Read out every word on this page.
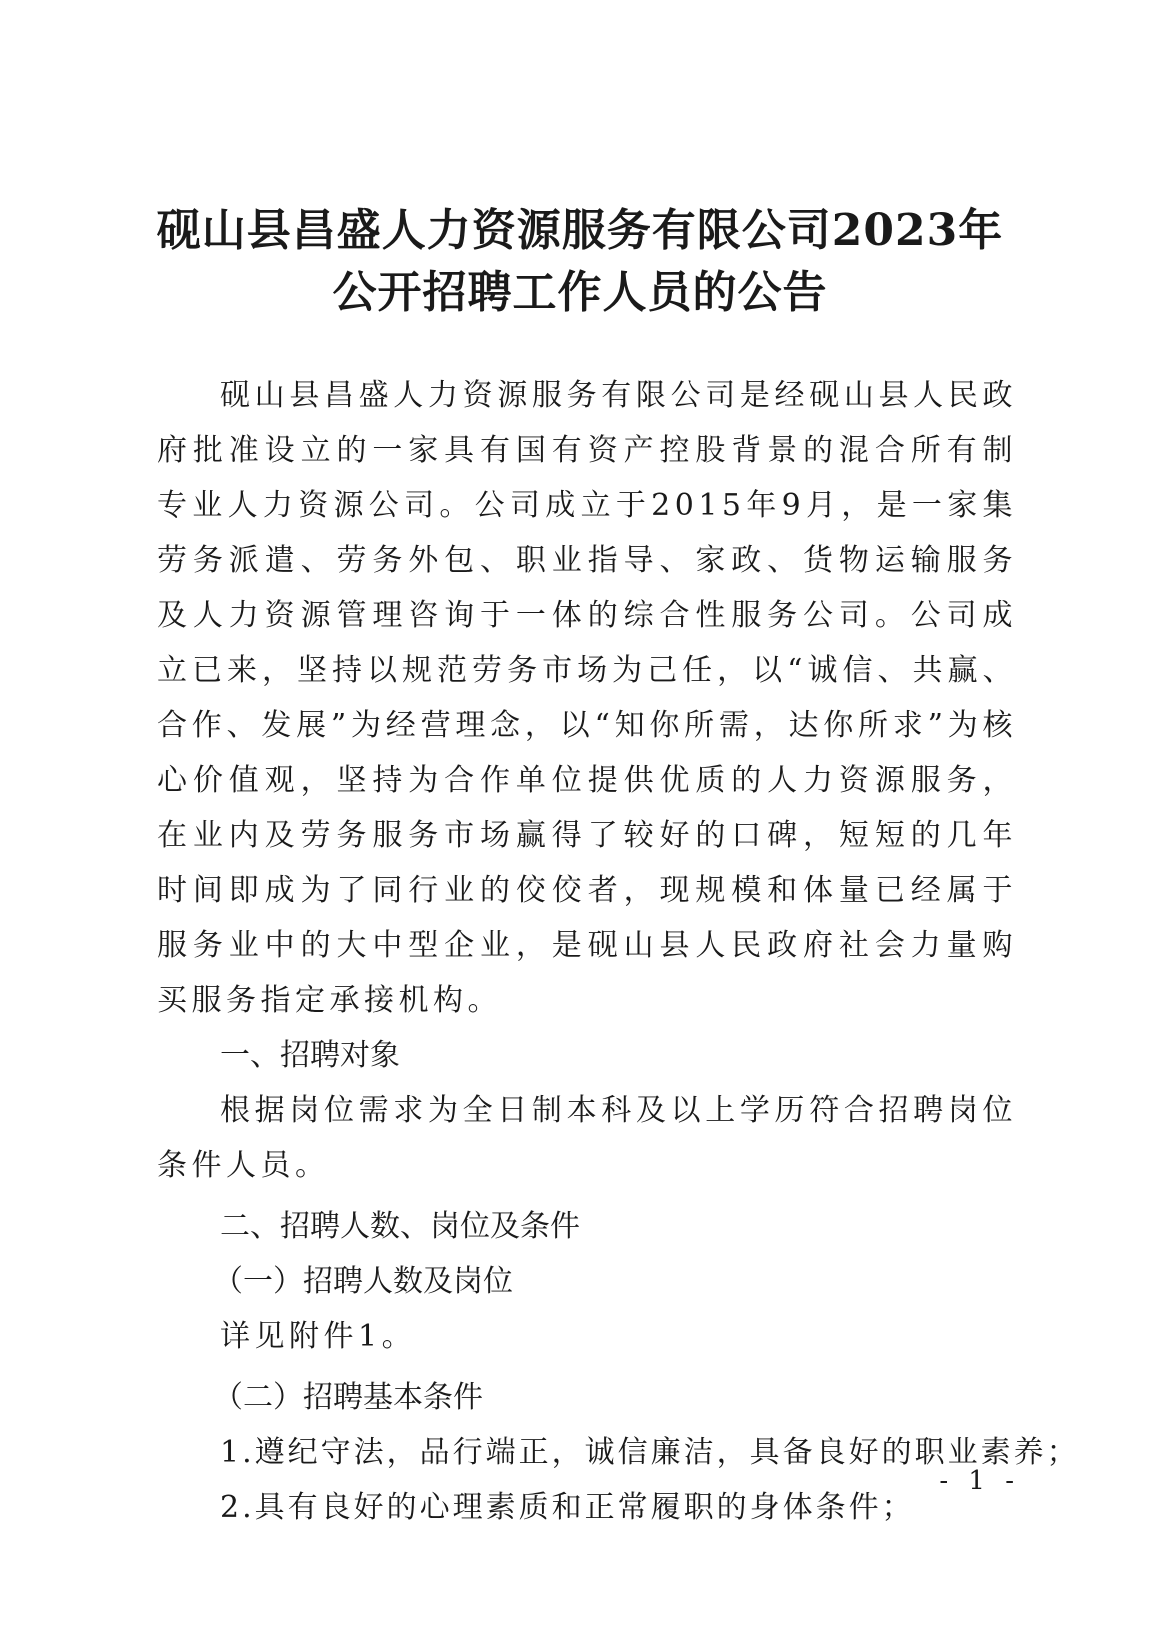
砚山县昌盛人力资源服务有限公司2023年
公开招聘工作人员的公告

砚山县昌盛人力资源服务有限公司是经砚山县人民政府批准设立的一家具有国有资产控股背景的混合所有制专业人力资源公司。公司成立于2015年9月，是一家集劳务派遣、劳务外包、职业指导、家政、货物运输服务及人力资源管理咨询于一体的综合性服务公司。公司成立已来，坚持以规范劳务市场为己任，以“诚信、共赢、合作、发展”为经营理念，以“知你所需，达你所求”为核心价值观，坚持为合作单位提供优质的人力资源服务，在业内及劳务服务市场赢得了较好的口碑，短短的几年时间即成为了同行业的佼佼者，现规模和体量已经属于服务业中的大中型企业，是砚山县人民政府社会力量购买服务指定承接机构。

一、招聘对象

根据岗位需求为全日制本科及以上学历符合招聘岗位条件人员。

二、招聘人数、岗位及条件

（一）招聘人数及岗位

详见附件1。

（二）招聘基本条件

1.遵纪守法，品行端正，诚信廉洁，具备良好的职业素养；

2.具有良好的心理素质和正常履职的身体条件；

- 1 -
